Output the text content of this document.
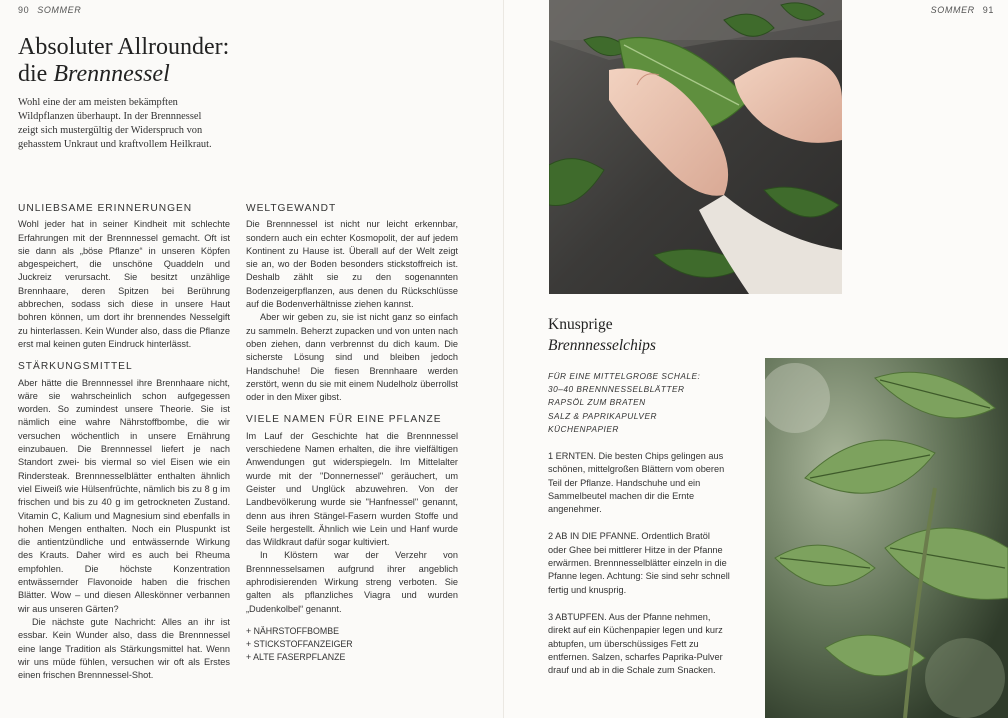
90 SOMMER
Absoluter Allrounder:
die Brennnessel
Wohl eine der am meisten bekämpften Wildpflanzen überhaupt. In der Brennnessel zeigt sich mustergültig der Widerspruch von gehasstem Unkraut und kraftvollem Heilkraut.
UNLIEBSAME ERINNERUNGEN

Wohl jeder hat in seiner Kindheit mit schlechte Erfahrungen mit der Brennnessel gemacht. Oft ist sie dann als „böse Pflanze“ in unseren Köpfen abgespeichert, die unschöne Quaddeln und Juckreiz verursacht. Sie besitzt unzählige Brennhaare, deren Spitzen bei Berührung abbrechen, sodass sich diese in unsere Haut bohren können, um dort ihr brennendes Nesselgift zu hinterlassen. Kein Wunder also, dass die Pflanze erst mal keinen guten Eindruck hinterlässt.

STÄRKUNGSMITTEL

Aber hätte die Brennnessel ihre Brennhaare nicht, wäre sie wahrscheinlich schon aufgegessen worden. So zumindest unsere Theorie. Sie ist nämlich eine wahre Nährstoffbombe, die wir versuchen wöchentlich in unsere Ernährung einzubauen. Die Brennnessel liefert je nach Standort zwei- bis viermal so viel Eisen wie ein Rindersteak. Brennnesselblätter enthalten ähnlich viel Eiweiß wie Hülsenfrüchte, nämlich bis zu 8 g im frischen und bis zu 40 g im getrockneten Zustand. Vitamin C, Kalium und Magnesium sind ebenfalls in hohen Mengen enthalten. Noch ein Pluspunkt ist die antientzündliche und entwässernde Wirkung des Krauts. Daher wird es auch bei Rheuma empfohlen. Die höchste Konzentration entwässernder Flavonoide haben die frischen Blätter. Wow – und diesen Alleskönner verbannen wir aus unseren Gärten?

Die nächste gute Nachricht: Alles an ihr ist essbar. Kein Wunder also, dass die Brennnessel eine lange Tradition als Stärkungsmittel hat. Wenn wir uns müde fühlen, versuchen wir oft als Erstes einen frischen Brennnessel-Shot.

WELTGEWANDT

Die Brennnessel ist nicht nur leicht erkennbar, sondern auch ein echter Kosmopolit, der auf jedem Kontinent zu Hause ist. Überall auf der Welt zeigt sie an, wo der Boden besonders stickstoffreich ist. Deshalb zählt sie zu den sogenannten Bodenzeigerpflanzen, aus denen du Rückschlüsse auf die Bodenverhältnisse ziehen kannst.

Aber wir geben zu, sie ist nicht ganz so einfach zu sammeln. Beherzt zupacken und von unten nach oben ziehen, dann verbrennst du dich kaum. Die sicherste Lösung sind und bleiben jedoch Handschuhe! Die fiesen Brennhaare werden zerstört, wenn du sie mit einem Nudelholz überrollst oder in den Mixer gibst.

VIELE NAMEN FÜR EINE PFLANZE

Im Lauf der Geschichte hat die Brennnessel verschiedene Namen erhalten, die ihre vielfältigen Anwendungen gut widerspiegeln. Im Mittelalter wurde mit der "Donnernessel" geräuchert, um Geister und Unglück abzuwehren. Von der Landbevölkerung wurde sie "Hanfnessel" genannt, denn aus ihren Stängel-Fasern wurden Stoffe und Seile hergestellt. Ähnlich wie Lein und Hanf wurde das Wildkraut dafür sogar kultiviert.

In Klöstern war der Verzehr von Brennnesselsamen aufgrund ihrer angeblich aphrodisierenden Wirkung streng verboten. Sie galten als pflanzliches Viagra und wurden „Dudenkolbel“ genannt.

+ NÄHRSTOFFBOMBE
+ STICKSTOFFANZEIGER
+ ALTE FASERPFLANZE
SOMMER 91
Knusprige
Brennnesselchips
FÜR EINE MITTELGROẞE SCHALE:
30–40 BRENNNESSELBLÄTTER
RAPSÖL ZUM BRATEN
SALZ & PAPRIKAPULVER
KÜCHENPAPIER

1 ERNTEN. Die besten Chips gelingen aus schönen, mittelgroßen Blättern vom oberen Teil der Pflanze. Handschuhe und ein Sammelbeutel machen dir die Ernte angenehmer.

2 AB IN DIE PFANNE. Ordentlich Bratöl oder Ghee bei mittlerer Hitze in der Pfanne erwärmen. Brennnesselblätter einzeln in die Pfanne legen. Achtung: Sie sind sehr schnell fertig und knusprig.

3 ABTUPFEN. Aus der Pfanne nehmen, direkt auf ein Küchenpapier legen und kurz abtupfen, um überschüssiges Fett zu entfernen. Salzen, scharfes Paprika-Pulver drauf und ab in die Schale zum Snacken.
